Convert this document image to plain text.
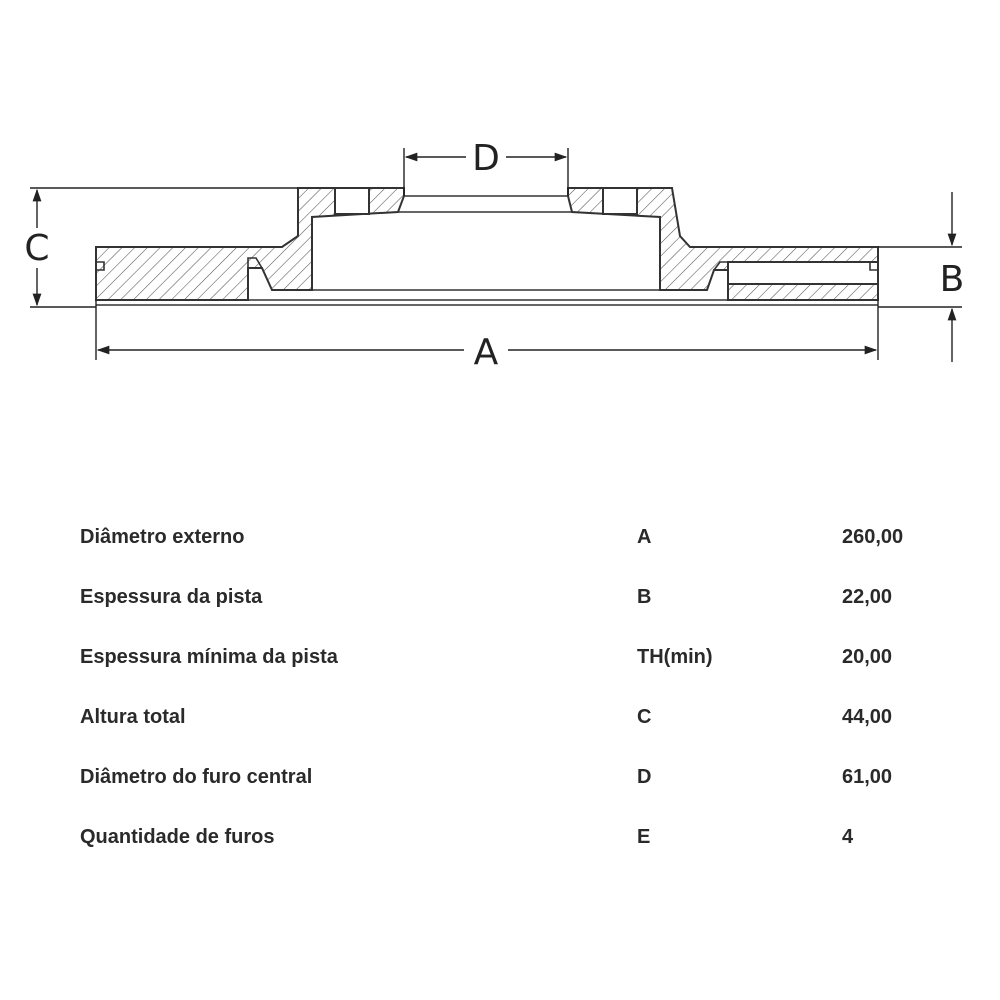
D
C
B
A
Diâmetro externo	A	260,00
Espessura da pista	B	22,00
Espessura mínima da pista	TH(min)	20,00
Altura total	C	44,00
Diâmetro do furo central	D	61,00
Quantidade de furos	E	4
